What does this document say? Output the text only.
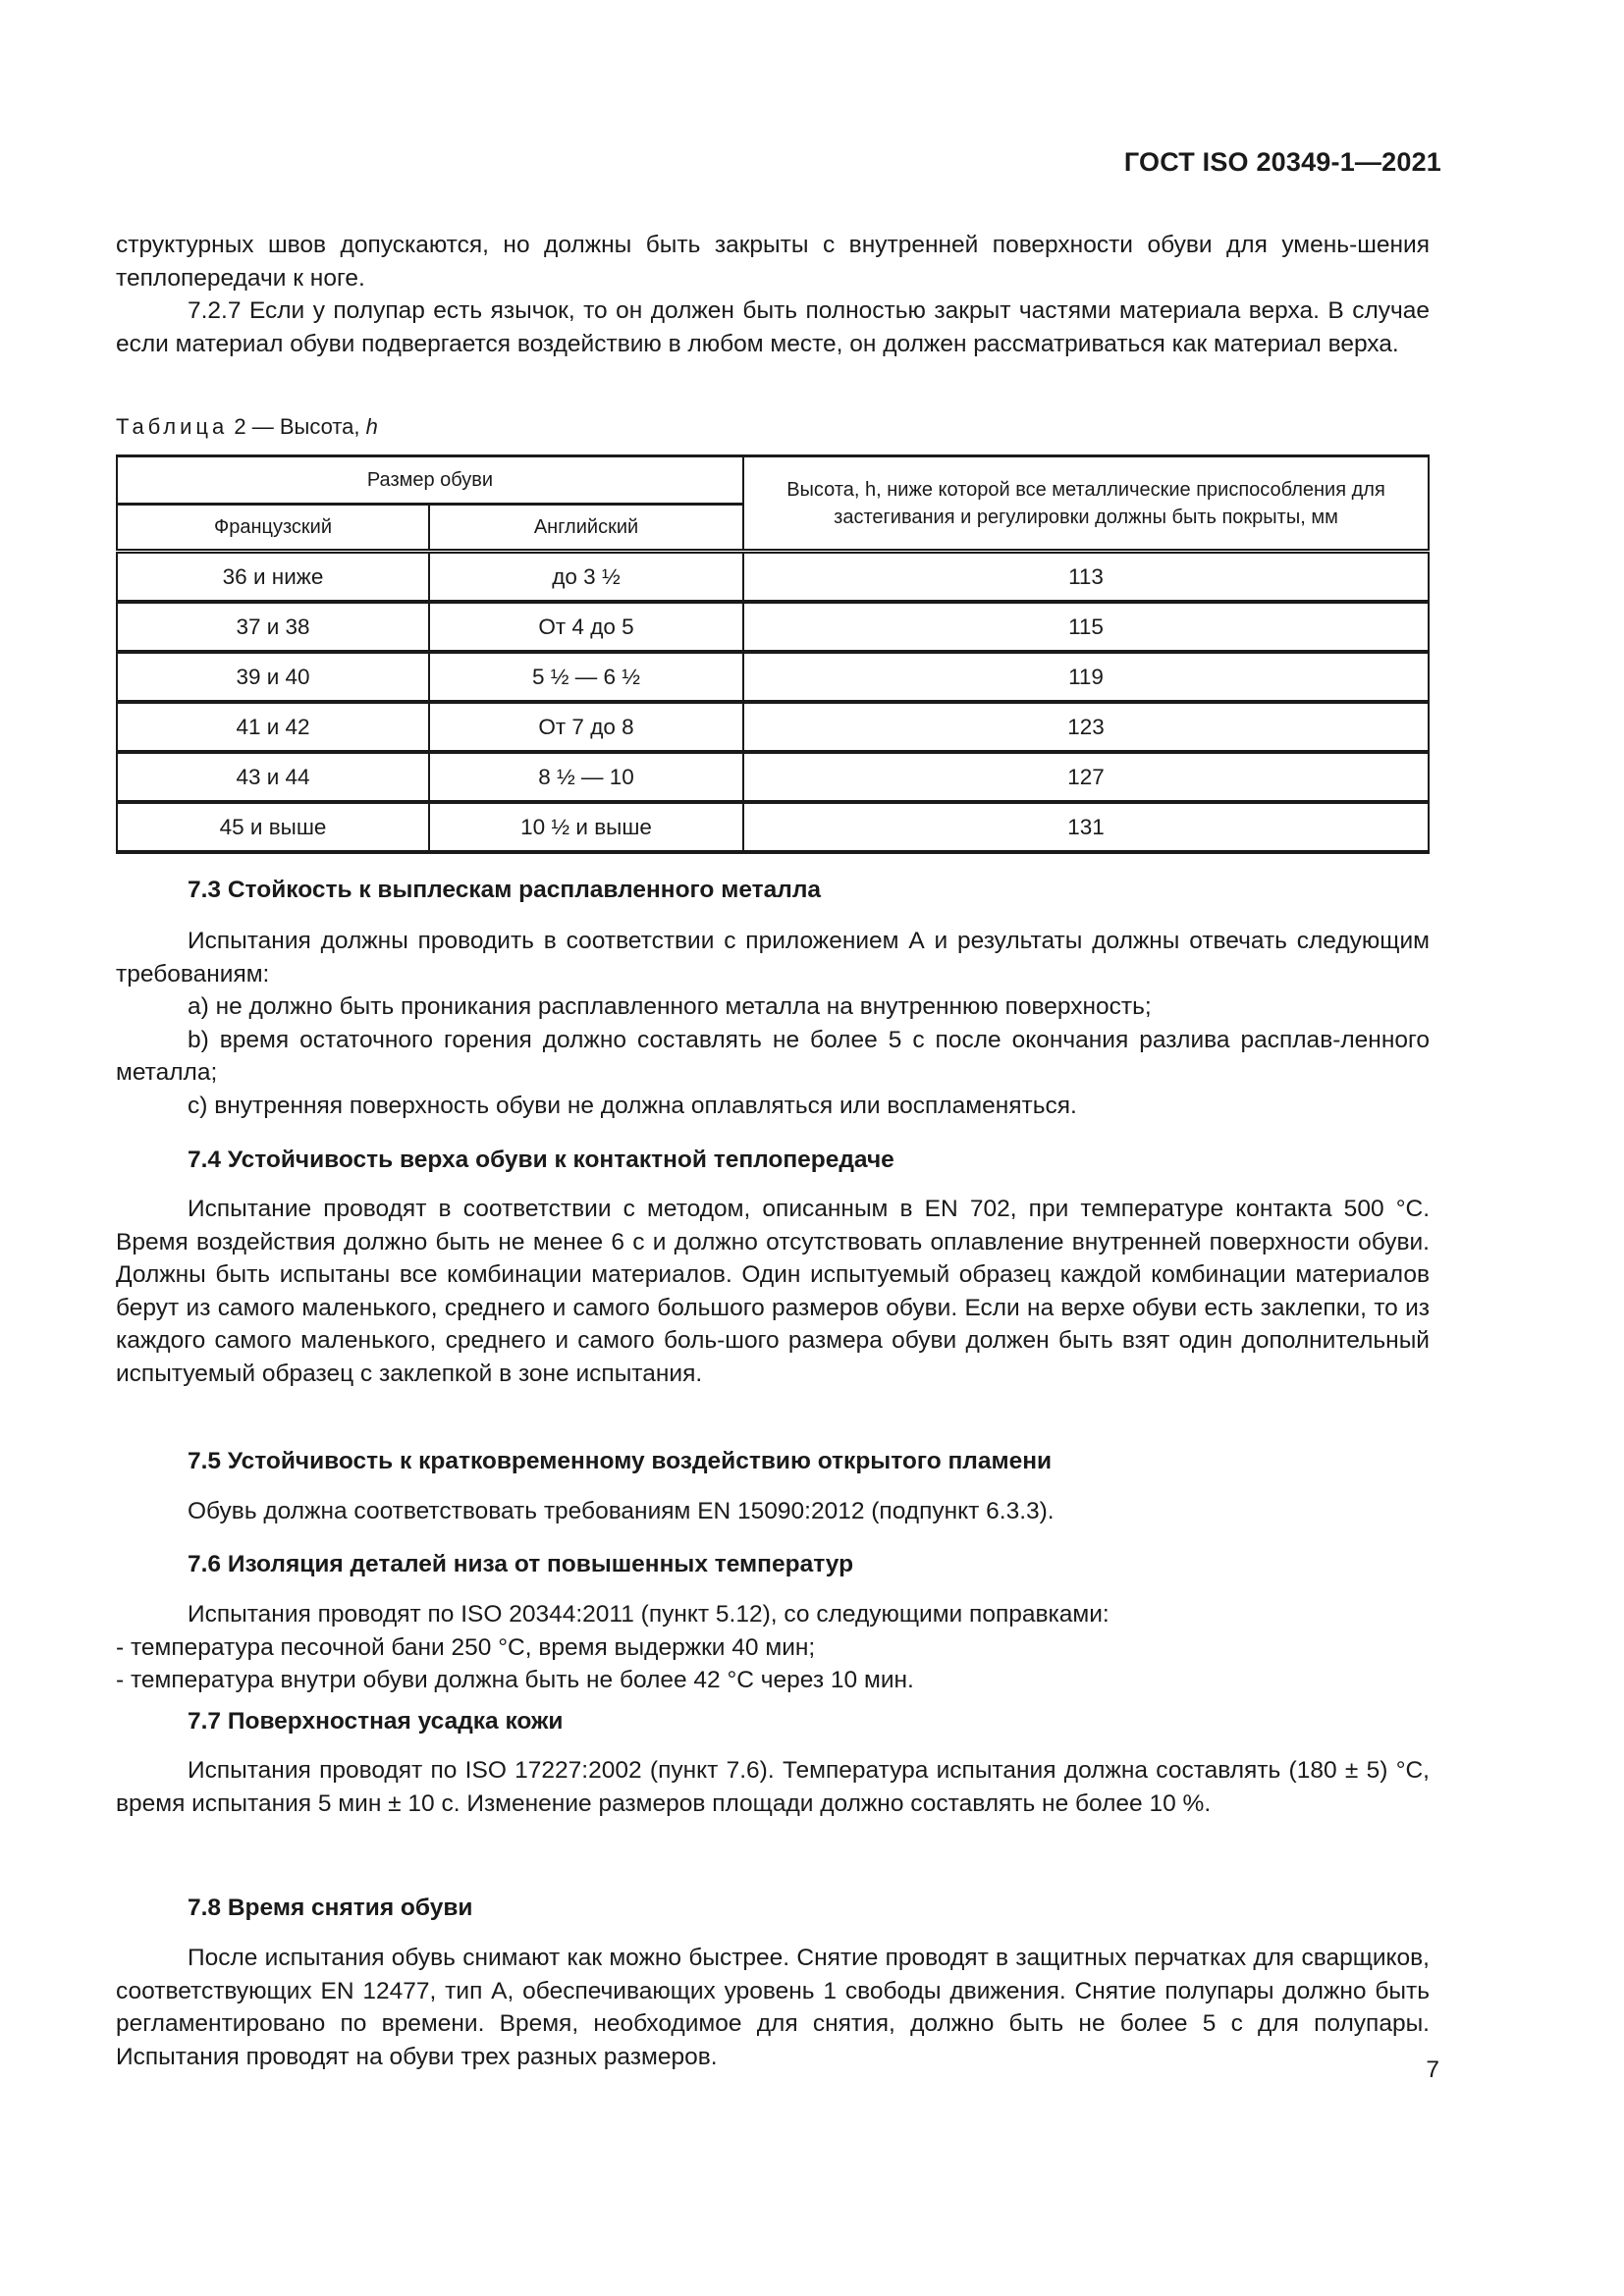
ГОСТ ISO 20349-1—2021

структурных швов допускаются, но должны быть закрыты с внутренней поверхности обуви для умень-шения теплопередачи к ноге.

7.2.7 Если у полупар есть язычок, то он должен быть полностью закрыт частями материала верха. В случае если материал обуви подвергается воздействию в любом месте, он должен рассматриваться как материал верха.

Таблица 2 — Высота, h
Размер обуви		Высота, h, ниже которой все металлические приспособления для застегивания и регулировки должны быть покрыты, мм
Французский	Английский	
36 и ниже	до 3 ½	113
37 и 38	От 4 до 5	115
39 и 40	5 ½ — 6 ½	119
41 и 42	От 7 до 8	123
43 и 44	8 ½ — 10	127
45 и выше	10 ½ и выше	131
7.3 Стойкость к выплескам расплавленного металла

Испытания должны проводить в соответствии с приложением А и результаты должны отвечать следующим требованиям:

a) не должно быть проникания расплавленного металла на внутреннюю поверхность;

b) время остаточного горения должно составлять не более 5 с после окончания разлива расплав-ленного металла;

c) внутренняя поверхность обуви не должна оплавляться или воспламеняться.

7.4 Устойчивость верха обуви к контактной теплопередаче

Испытание проводят в соответствии с методом, описанным в EN 702, при температуре контакта 500 °С. Время воздействия должно быть не менее 6 с и должно отсутствовать оплавление внутренней поверхности обуви. Должны быть испытаны все комбинации материалов. Один испытуемый образец каждой комбинации материалов берут из самого маленького, среднего и самого большого размеров обуви. Если на верхе обуви есть заклепки, то из каждого самого маленького, среднего и самого боль-шого размера обуви должен быть взят один дополнительный испытуемый образец с заклепкой в зоне испытания.

7.5 Устойчивость к кратковременному воздействию открытого пламени

Обувь должна соответствовать требованиям EN 15090:2012 (подпункт 6.3.3).

7.6 Изоляция деталей низа от повышенных температур

Испытания проводят по ISO 20344:2011 (пункт 5.12), со следующими поправками:

- температура песочной бани 250 °С, время выдержки 40 мин;

- температура внутри обуви должна быть не более 42 °С через 10 мин.

7.7 Поверхностная усадка кожи

Испытания проводят по ISO 17227:2002 (пункт 7.6). Температура испытания должна составлять (180 ± 5) °С, время испытания 5 мин ± 10 с. Изменение размеров площади должно составлять не более 10 %.

7.8 Время снятия обуви

После испытания обувь снимают как можно быстрее. Снятие проводят в защитных перчатках для сварщиков, соответствующих EN 12477, тип А, обеспечивающих уровень 1 свободы движения. Снятие полупары должно быть регламентировано по времени. Время, необходимое для снятия, должно быть не более 5 с для полупары. Испытания проводят на обуви трех разных размеров.	7
